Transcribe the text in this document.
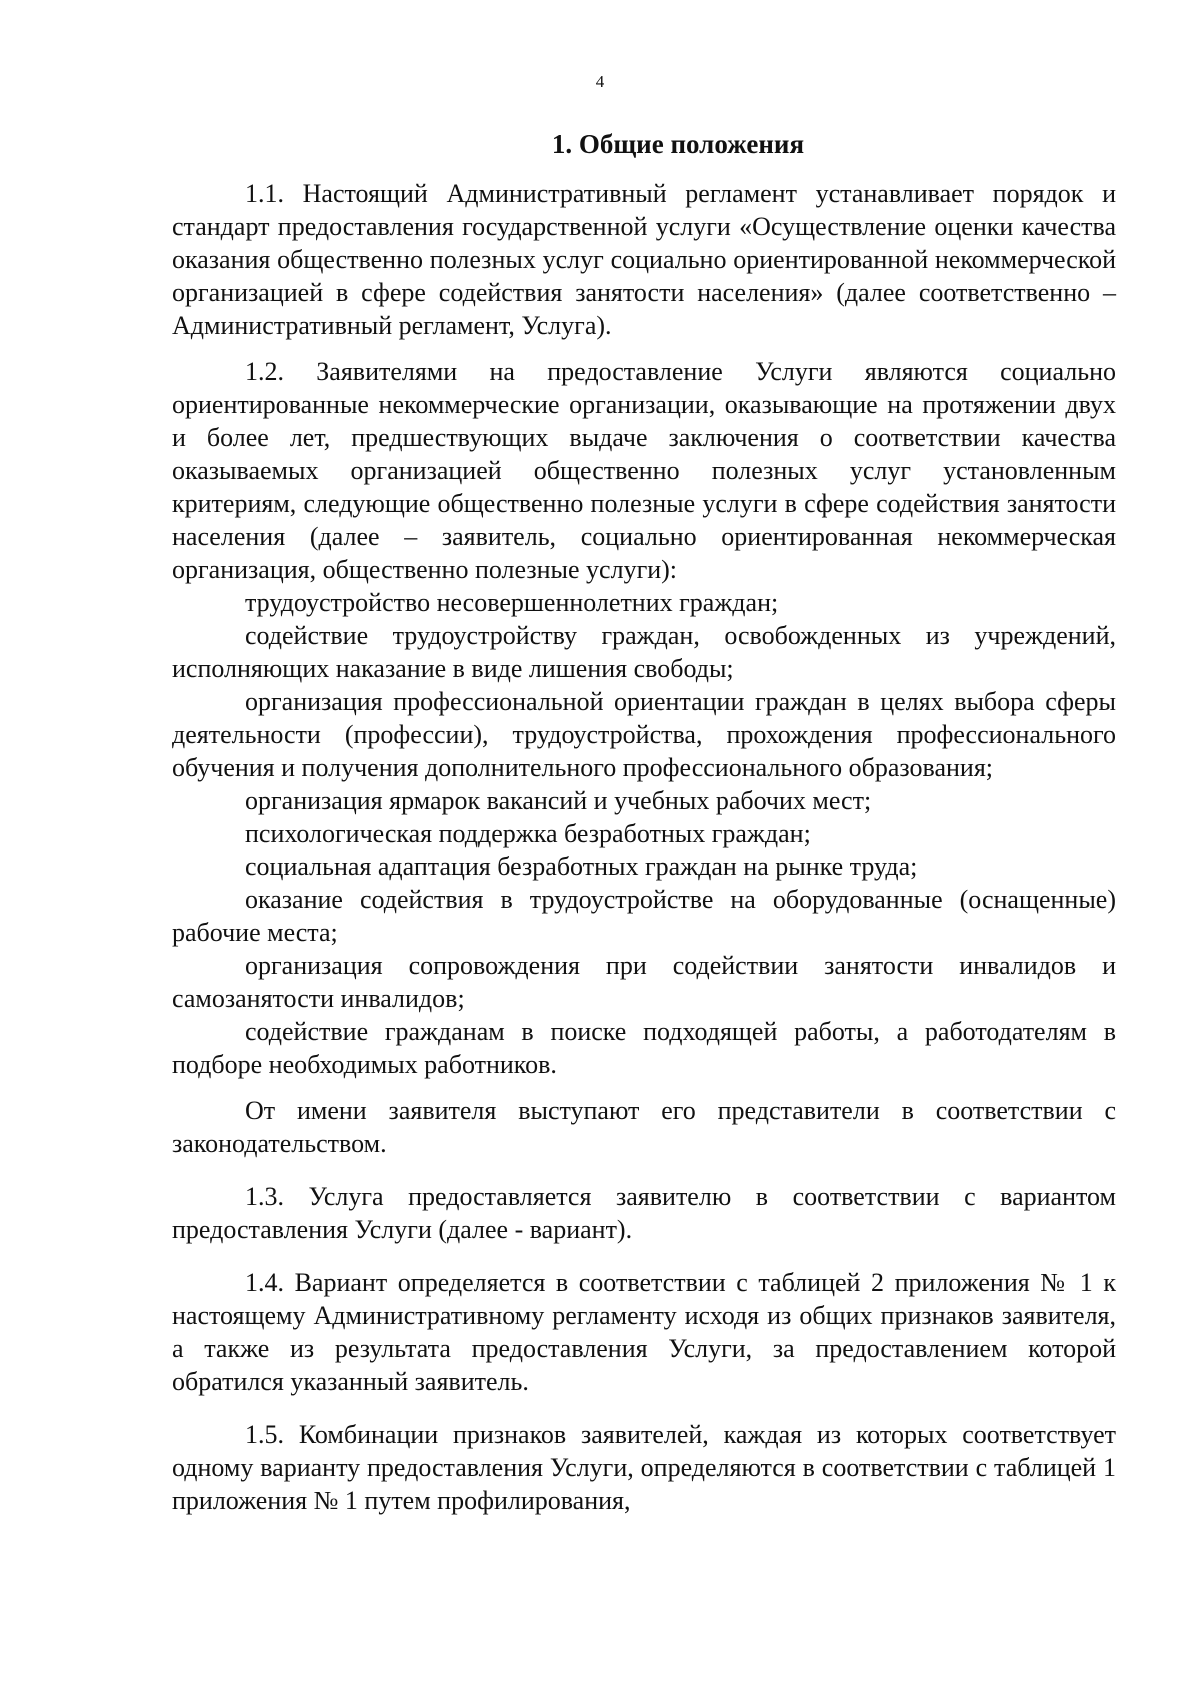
4
1. Общие положения

1.1. Настоящий Административный регламент устанавливает порядок и стандарт предоставления государственной услуги «Осуществление оценки качества оказания общественно полезных услуг социально ориентированной некоммерческой организацией в сфере содействия занятости населения» (далее соответственно – Административный регламент, Услуга).

1.2. Заявителями на предоставление Услуги являются социально ориентированные некоммерческие организации, оказывающие на протяжении двух и более лет, предшествующих выдаче заключения о соответствии качества оказываемых организацией общественно полезных услуг установленным критериям, следующие общественно полезные услуги в сфере содействия занятости населения (далее – заявитель, социально ориентированная некоммерческая организация, общественно полезные услуги):

трудоустройство несовершеннолетних граждан;

содействие трудоустройству граждан, освобожденных из учреждений, исполняющих наказание в виде лишения свободы;

организация профессиональной ориентации граждан в целях выбора сферы деятельности (профессии), трудоустройства, прохождения профессионального обучения и получения дополнительного профессионального образования;

организация ярмарок вакансий и учебных рабочих мест;

психологическая поддержка безработных граждан;

социальная адаптация безработных граждан на рынке труда;

оказание содействия в трудоустройстве на оборудованные (оснащенные) рабочие места;

организация сопровождения при содействии занятости инвалидов и самозанятости инвалидов;

содействие гражданам в поиске подходящей работы, а работодателям в подборе необходимых работников.

От имени заявителя выступают его представители в соответствии с законодательством.

1.3. Услуга предоставляется заявителю в соответствии с вариантом предоставления Услуги (далее - вариант).

1.4. Вариант определяется в соответствии с таблицей 2 приложения № 1 к настоящему Административному регламенту исходя из общих признаков заявителя, а также из результата предоставления Услуги, за предоставлением которой обратился указанный заявитель.

1.5. Комбинации признаков заявителей, каждая из которых соответствует одному варианту предоставления Услуги, определяются в соответствии с таблицей 1 приложения № 1 путем профилирования,
